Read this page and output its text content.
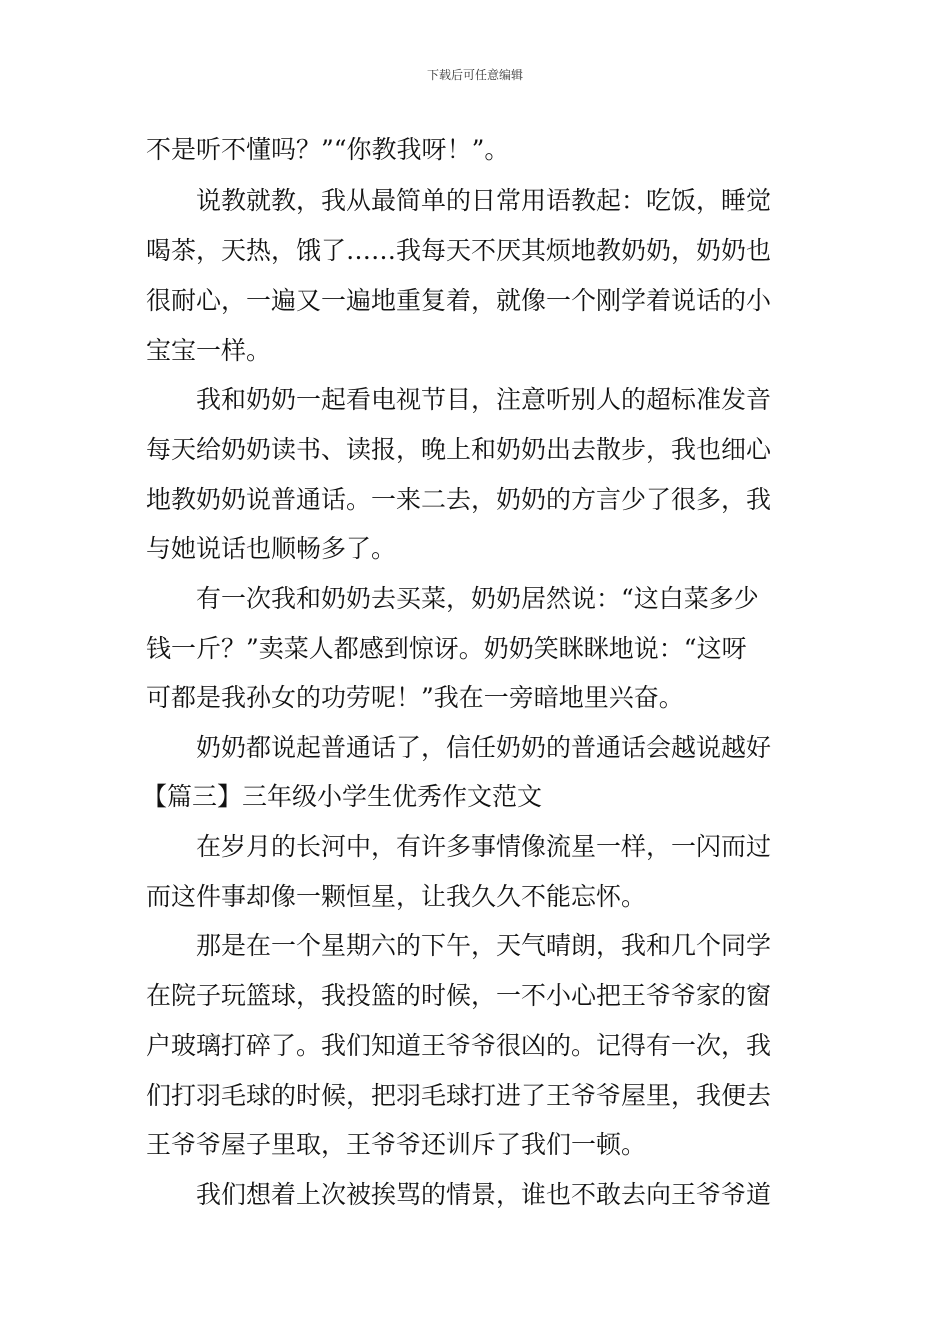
下载后可任意编辑
不是听不懂吗？”“你教我呀！”。
说教就教，我从最简单的日常用语教起：吃饭，睡觉
喝茶，天热，饿了……我每天不厌其烦地教奶奶，奶奶也
很耐心，一遍又一遍地重复着，就像一个刚学着说话的小
宝宝一样。
我和奶奶一起看电视节目，注意听别人的超标准发音
每天给奶奶读书、读报，晚上和奶奶出去散步，我也细心
地教奶奶说普通话。一来二去，奶奶的方言少了很多，我
与她说话也顺畅多了。
有一次我和奶奶去买菜，奶奶居然说：“这白菜多少
钱一斤？”卖菜人都感到惊讶。奶奶笑眯眯地说：“这呀
可都是我孙女的功劳呢！”我在一旁暗地里兴奋。
奶奶都说起普通话了，信任奶奶的普通话会越说越好
【篇三】三年级小学生优秀作文范文
在岁月的长河中，有许多事情像流星一样，一闪而过
而这件事却像一颗恒星，让我久久不能忘怀。
那是在一个星期六的下午，天气晴朗，我和几个同学
在院子玩篮球，我投篮的时候，一不小心把王爷爷家的窗
户玻璃打碎了。我们知道王爷爷很凶的。记得有一次，我
们打羽毛球的时候，把羽毛球打进了王爷爷屋里，我便去
王爷爷屋子里取，王爷爷还训斥了我们一顿。
我们想着上次被挨骂的情景，谁也不敢去向王爷爷道
